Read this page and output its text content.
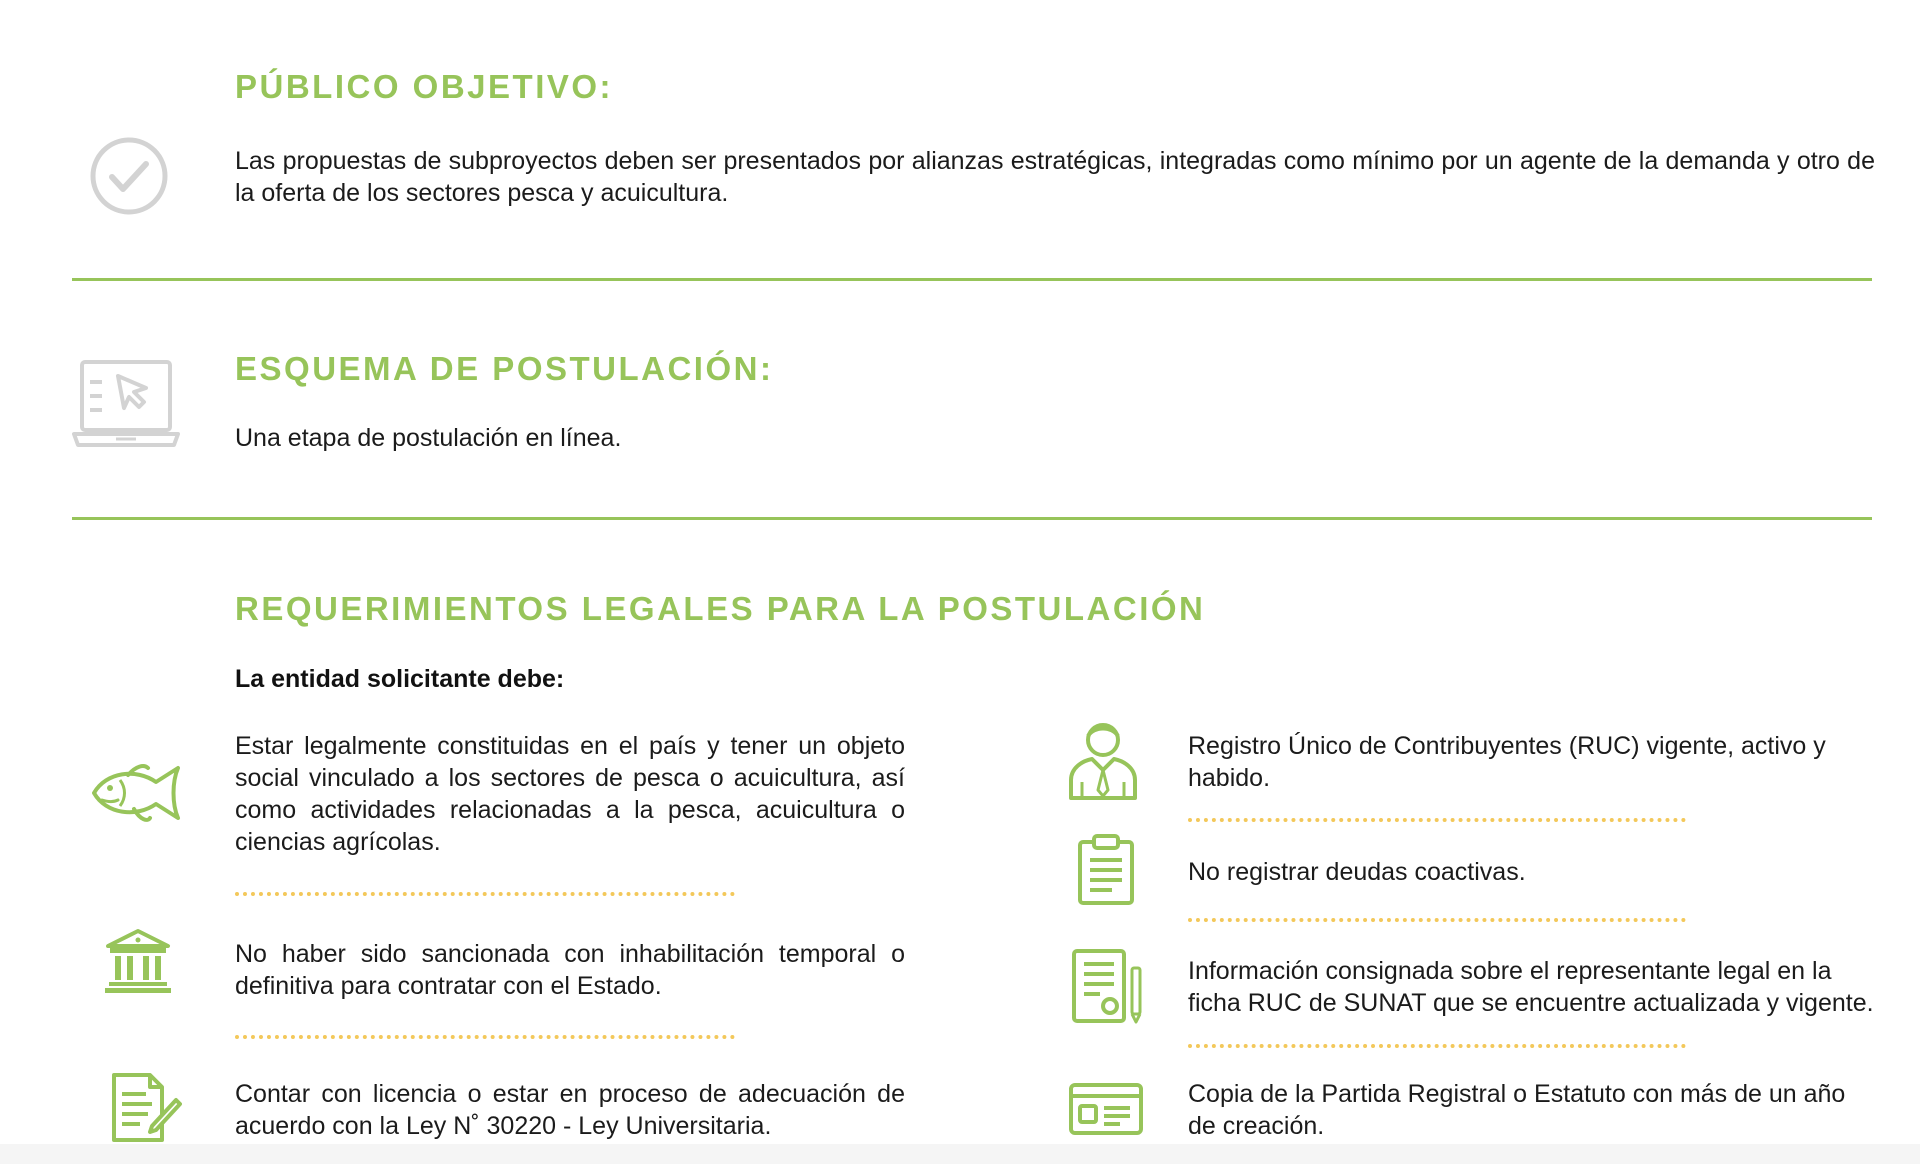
PÚBLICO OBJETIVO:

Las propuestas de subproyectos deben ser presentados por alianzas estratégicas, integradas como mínimo por un agente de la demanda y otro de la oferta de los sectores pesca y acuicultura.

ESQUEMA DE POSTULACIÓN:

Una etapa de postulación en línea.

REQUERIMIENTOS LEGALES PARA LA POSTULACIÓN

La entidad solicitante debe:

Estar legalmente constituidas en el país y tener un objeto social vinculado a los sectores de pesca o acuicultura, así como actividades relacionadas a la pesca, acuicultura o ciencias agrícolas.

No haber sido sancionada con inhabilitación temporal o definitiva para contratar con el Estado.

Contar con licencia o estar en proceso de adecuación de acuerdo con la Ley N˚ 30220 - Ley Universitaria.

Registro Único de Contribuyentes (RUC) vigente, activo y habido.

No registrar deudas coactivas.

Información consignada sobre el representante legal en la ficha RUC de SUNAT que se encuentre actualizada y vigente.

Copia de la Partida Registral o Estatuto con más de un año de creación.
